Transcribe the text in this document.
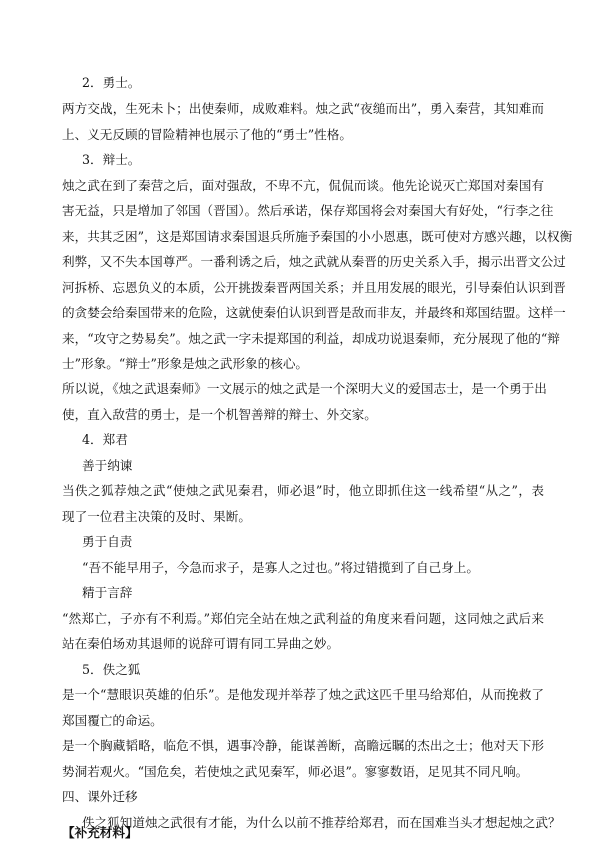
2．勇士。

两方交战，生死未卜；出使秦师，成败难料。烛之武“夜缒而出”，勇入秦营，其知难而

上、义无反顾的冒险精神也展示了他的“勇士”性格。

3．辩士。

烛之武在到了秦营之后，面对强敌，不卑不亢，侃侃而谈。他先论说灭亡郑国对秦国有

害无益，只是增加了邻国（晋国）。然后承诺，保存郑国将会对秦国大有好处，“行李之往

来，共其乏困”，这是郑国请求秦国退兵所施予秦国的小小恩惠，既可使对方感兴趣，以权衡

利弊，又不失本国尊严。一番利诱之后，烛之武就从秦晋的历史关系入手，揭示出晋文公过

河拆桥、忘恩负义的本质，公开挑拨秦晋两国关系；并且用发展的眼光，引导秦伯认识到晋

的贪婪会给秦国带来的危险，这就使秦伯认识到晋是敌而非友，并最终和郑国结盟。这样一

来，“攻守之势易矣”。烛之武一字未提郑国的利益，却成功说退秦师，充分展现了他的“辩

士”形象。“辩士”形象是烛之武形象的核心。

所以说，《烛之武退秦师》一文展示的烛之武是一个深明大义的爱国志士，是一个勇于出

使，直入敌营的勇士，是一个机智善辩的辩士、外交家。

4．郑君

善于纳谏

当佚之狐荐烛之武“使烛之武见秦君，师必退”时，他立即抓住这一线希望“从之”，表

现了一位君主决策的及时、果断。

勇于自责

“吾不能早用子，今急而求子，是寡人之过也。”将过错揽到了自己身上。

精于言辞

“然郑亡，子亦有不利焉。”郑伯完全站在烛之武利益的角度来看问题，这同烛之武后来

站在秦伯场劝其退师的说辞可谓有同工异曲之妙。

5．佚之狐

是一个“慧眼识英雄的伯乐”。是他发现并举荐了烛之武这匹千里马给郑伯，从而挽救了

郑国覆亡的命运。

是一个胸藏韬略，临危不惧，遇事冷静，能谋善断，高瞻远瞩的杰出之士；他对天下形

势洞若观火。“国危矣，若使烛之武见秦军，师必退”。寥寥数语，足见其不同凡响。

四、课外迁移

佚之狐知道烛之武很有才能，为什么以前不推荐给郑君，而在国难当头才想起烛之武？

【补充材料】
